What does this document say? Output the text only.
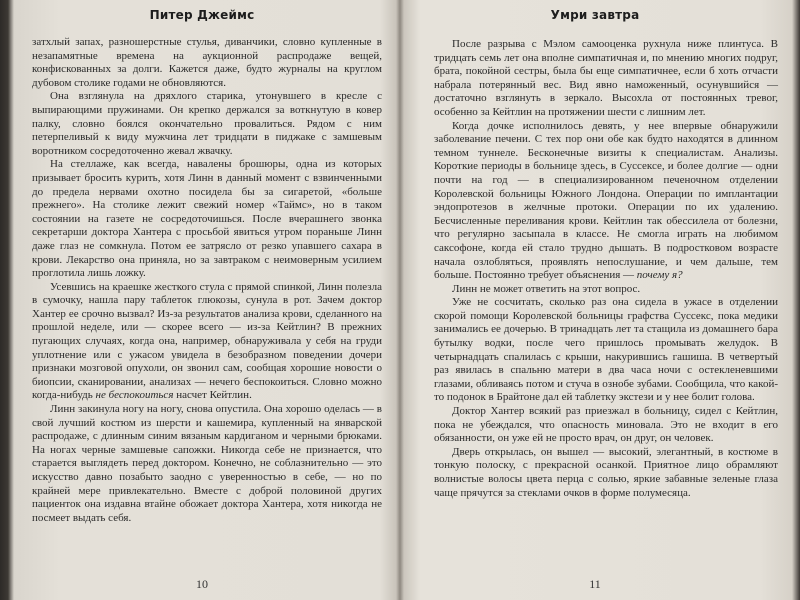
Питер Джеймс

затхлый запах, разношерстные стулья, диванчики, словно купленные в незапамятные времена на аукционной распродаже вещей, конфискованных за долги. Кажется даже, будто журналы на круглом дубовом столике годами не обновляются.

Она взглянула на дряхлого старика, утонувшего в кресле с выпирающими пружинами. Он крепко держался за воткнутую в ковер палку, словно боялся окончательно провалиться. Рядом с ним петерпеливый к виду мужчина лет тридцати в пиджаке с замшевым воротником сосредоточенно жевал жвачку.

На стеллаже, как всегда, навалены брошюры, одна из которых призывает бросить курить, хотя Линн в данный момент с взвинченными до предела нервами охотно посидела бы за сигаретой, «больше прежнего». На столике лежит свежий номер «Таймс», но в таком состоянии на газете не сосредоточишься. После вчерашнего звонка секретарши доктора Хантера с просьбой явиться утром пораньше Линн даже глаз не сомкнула. Потом ее затрясло от резко упавшего сахара в крови. Лекарство она приняла, но за завтраком с неимоверным усилием проглотила лишь ложку.

Усевшись на краешке жесткого стула с прямой спинкой, Линн полезла в сумочку, нашла пару таблеток глюкозы, сунула в рот. Зачем доктор Хантер ее срочно вызвал? Из-за результатов анализа крови, сделанного на прошлой неделе, или — скорее всего — из-за Кейтлин? В прежних пугающих случаях, когда она, например, обнаруживала у себя на груди уплотнение или с ужасом увидела в безобразном поведении дочери признаки мозговой опухоли, он звонил сам, сообщая хорошие новости о биопсии, сканировании, анализах — нечего беспокоиться. Словно можно когда-нибудь не беспокоиться насчет Кейтлин.

Линн закинула ногу на ногу, снова опустила. Она хорошо оделась — в свой лучший костюм из шерсти и кашемира, купленный на январской распродаже, с длинным синим вязаным кардиганом и черными брюками. На ногах черные замшевые сапожки. Никогда себе не признается, что старается выглядеть перед доктором. Конечно, не соблазнительно — это искусство давно позабыто заодно с уверенностью в себе, — но по крайней мере привлекательно. Вместе с доброй половиной других пациенток она издавна втайне обожает доктора Хантера, хотя никогда не посмеет выдать себя.

10
Умри завтра

После разрыва с Мэлом самооценка рухнула ниже плинтуса. В тридцать семь лет она вполне симпатичная и, по мнению многих подруг, брата, покойной сестры, была бы еще симпатичнее, если б хоть отчасти набрала потерянный вес. Вид явно наможенный, осунувшийся — достаточно взглянуть в зеркало. Высохла от постоянных тревог, особенно за Кейтлин на протяжении шести с лишним лет.

Когда дочке исполнилось девять, у нее впервые обнаружили заболевание печени. С тех пор они обе как будто находятся в длинном темном туннеле. Бесконечные визиты к специалистам. Анализы. Короткие периоды в больнице здесь, в Суссексе, и более долгие — одни почти на год — в специализированном печеночном отделении Королевской больницы Южного Лондона. Операции по имплантации эндопротезов в желчные протоки. Операции по их удалению. Бесчисленные переливания крови. Кейтлин так обессилела от болезни, что регулярно засыпала в классе. Не смогла играть на любимом саксофоне, когда ей стало трудно дышать. В подростковом возрасте начала озлобляться, проявлять непослушание, и чем дальше, тем больше. Постоянно требует объяснения — почему я?

Линн не может ответить на этот вопрос.

Уже не сосчитать, сколько раз она сидела в ужасе в отделении скорой помощи Королевской больницы графства Суссекс, пока медики занимались ее дочерью. В тринадцать лет та стащила из домашнего бара бутылку водки, после чего пришлось промывать желудок. В четырнадцать спалилась с крыши, накурившись гашиша. В четвертый раз явилась в спальню матери в два часа ночи с остекленевшими глазами, обливаясь потом и стуча в ознобе зубами. Сообщила, что какой-то подонок в Брайтоне дал ей таблетку экстези и у нее болит голова.

Доктор Хантер всякий раз приезжал в больницу, сидел с Кейтлин, пока не убеждался, что опасность миновала. Это не входит в его обязанности, он уже ей не просто врач, он друг, он человек.

Дверь открылась, он вышел — высокий, элегантный, в костюме в тонкую полоску, с прекрасной осанкой. Приятное лицо обрамляют волнистые волосы цвета перца с солью, яркие забавные зеленые глаза чаще прячутся за стеклами очков в форме полумесяца.

11
